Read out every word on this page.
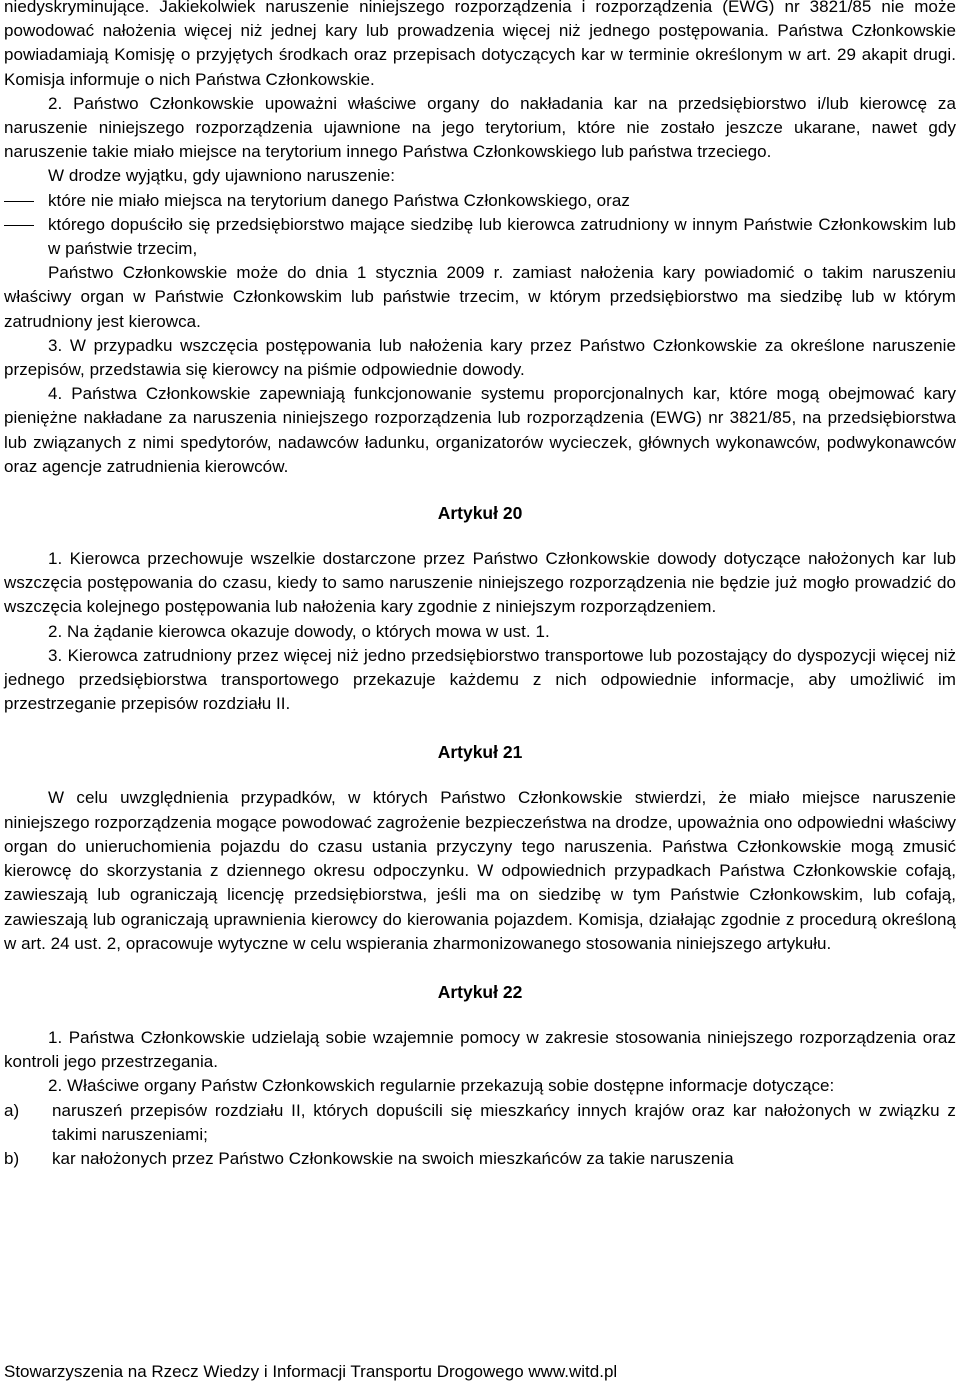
niedyskryminujące. Jakiekolwiek naruszenie niniejszego rozporządzenia i rozporządzenia (EWG) nr 3821/85 nie może powodować nałożenia więcej niż jednej kary lub prowadzenia więcej niż jednego postępowania. Państwa Członkowskie powiadamiają Komisję o przyjętych środkach oraz przepisach dotyczących kar w terminie określonym w art. 29 akapit drugi. Komisja informuje o nich Państwa Członkowskie.

2. Państwo Członkowskie upoważni właściwe organy do nakładania kar na przedsiębiorstwo i/lub kierowcę za naruszenie niniejszego rozporządzenia ujawnione na jego terytorium, które nie zostało jeszcze ukarane, nawet gdy naruszenie takie miało miejsce na terytorium innego Państwa Członkowskiego lub państwa trzeciego.

W drodze wyjątku, gdy ujawniono naruszenie:

które nie miało miejsca na terytorium danego Państwa Członkowskiego, oraz
którego dopuściło się przedsiębiorstwo mające siedzibę lub kierowca zatrudniony w innym Państwie Członkowskim lub w państwie trzecim,

Państwo Członkowskie może do dnia 1 stycznia 2009 r. zamiast nałożenia kary powiadomić o takim naruszeniu właściwy organ w Państwie Członkowskim lub państwie trzecim, w którym przedsiębiorstwo ma siedzibę lub w którym zatrudniony jest kierowca.

3. W przypadku wszczęcia postępowania lub nałożenia kary przez Państwo Członkowskie za określone naruszenie przepisów, przedstawia się kierowcy na piśmie odpowiednie dowody.

4. Państwa Członkowskie zapewniają funkcjonowanie systemu proporcjonalnych kar, które mogą obejmować kary pieniężne nakładane za naruszenia niniejszego rozporządzenia lub rozporządzenia (EWG) nr 3821/85, na przedsiębiorstwa lub związanych z nimi spedytorów, nadawców ładunku, organizatorów wycieczek, głównych wykonawców, podwykonawców oraz agencje zatrudnienia kierowców.

Artykuł 20

1. Kierowca przechowuje wszelkie dostarczone przez Państwo Członkowskie dowody dotyczące nałożonych kar lub wszczęcia postępowania do czasu, kiedy to samo naruszenie niniejszego rozporządzenia nie będzie już mogło prowadzić do wszczęcia kolejnego postępowania lub nałożenia kary zgodnie z niniejszym rozporządzeniem.

2. Na żądanie kierowca okazuje dowody, o których mowa w ust. 1.

3. Kierowca zatrudniony przez więcej niż jedno przedsiębiorstwo transportowe lub pozostający do dyspozycji więcej niż jednego przedsiębiorstwa transportowego przekazuje każdemu z nich odpowiednie informacje, aby umożliwić im przestrzeganie przepisów rozdziału II.

Artykuł 21

W celu uwzględnienia przypadków, w których Państwo Członkowskie stwierdzi, że miało miejsce naruszenie niniejszego rozporządzenia mogące powodować zagrożenie bezpieczeństwa na drodze, upoważnia ono odpowiedni właściwy organ do unieruchomienia pojazdu do czasu ustania przyczyny tego naruszenia. Państwa Członkowskie mogą zmusić kierowcę do skorzystania z dziennego okresu odpoczynku. W odpowiednich przypadkach Państwa Członkowskie cofają, zawieszają lub ograniczają licencję przedsiębiorstwa, jeśli ma on siedzibę w tym Państwie Członkowskim, lub cofają, zawieszają lub ograniczają uprawnienia kierowcy do kierowania pojazdem. Komisja, działając zgodnie z procedurą określoną w art. 24 ust. 2, opracowuje wytyczne w celu wspierania zharmonizowanego stosowania niniejszego artykułu.

Artykuł 22

1. Państwa Członkowskie udzielają sobie wzajemnie pomocy w zakresie stosowania niniejszego rozporządzenia oraz kontroli jego przestrzegania.

2. Właściwe organy Państw Członkowskich regularnie przekazują sobie dostępne informacje dotyczące:

a) naruszeń przepisów rozdziału II, których dopuścili się mieszkańcy innych krajów oraz kar nałożonych w związku z takimi naruszeniami;
b) kar nałożonych przez Państwo Członkowskie na swoich mieszkańców za takie naruszenia
Stowarzyszenia na Rzecz Wiedzy i Informacji Transportu Drogowego www.witd.pl
